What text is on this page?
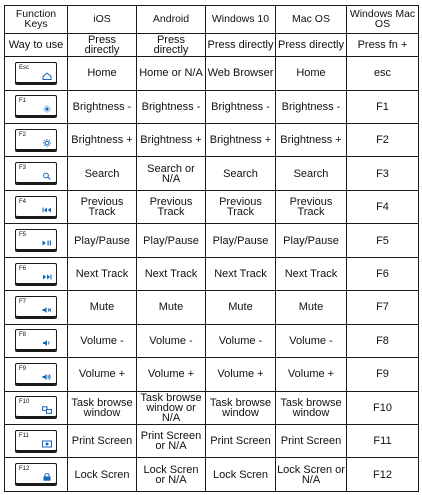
Function Keys	iOS	Android	Windows 10	Mac OS	Windows Mac OS
Way to use	Press directly	Press directly	Press directly	Press directly	Press fn +

Esc	Home	Home or N/A	Web Browser	Home	esc

F1	Brightness -	Brightness -	Brightness -	Brightness -	F1

F2	Brightness +	Brightness +	Brightness +	Brightness +	F2

F3	Search	Search or N/A	Search	Search	F3

F4	Previous Track	Previous Track	Previous Track	Previous Track	F4

F5	Play/Pause	Play/Pause	Play/Pause	Play/Pause	F5

F6	Next Track	Next Track	Next Track	Next Track	F6

F7	Mute	Mute	Mute	Mute	F7

F8	Volume -	Volume -	Volume -	Volume -	F8

F9	Volume +	Volume +	Volume +	Volume +	F9

F10	Task browse window	Task browse window or N/A	Task browse window	Task browse window	F10

F11	Print Screen	Print Screen or N/A	Print Screen	Print Screen	F11

F12	Lock Scren	Lock Scren or N/A	Lock Scren	Lock Scren or N/A	F12
